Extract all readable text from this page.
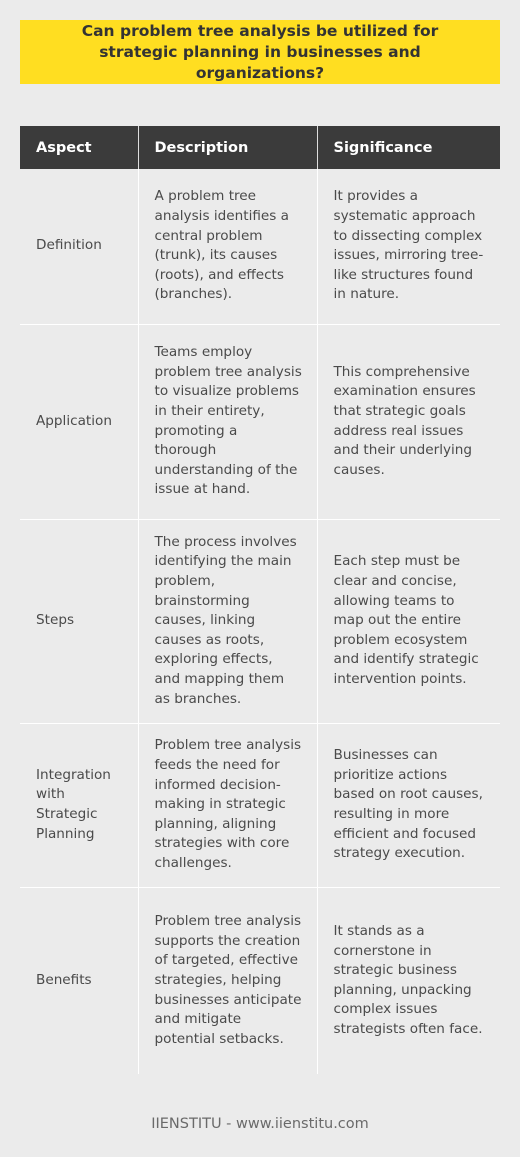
Can problem tree analysis be utilized for strategic planning in businesses and organizations?
Aspect	Description	Significance
Definition	A problem tree analysis identifies a central problem (trunk), its causes (roots), and effects (branches).	It provides a systematic approach to dissecting complex issues, mirroring tree-like structures found in nature.
Application	Teams employ problem tree analysis to visualize problems in their entirety, promoting a thorough understanding of the issue at hand.	This comprehensive examination ensures that strategic goals address real issues and their underlying causes.
Steps	The process involves identifying the main problem, brainstorming causes, linking causes as roots, exploring effects, and mapping them as branches.	Each step must be clear and concise, allowing teams to map out the entire problem ecosystem and identify strategic intervention points.
Integration with Strategic Planning	Problem tree analysis feeds the need for informed decision-making in strategic planning, aligning strategies with core challenges.	Businesses can prioritize actions based on root causes, resulting in more efficient and focused strategy execution.
Benefits	Problem tree analysis supports the creation of targeted, effective strategies, helping businesses anticipate and mitigate potential setbacks.	It stands as a cornerstone in strategic business planning, unpacking complex issues strategists often face.
IIENSTITU - www.iienstitu.com
